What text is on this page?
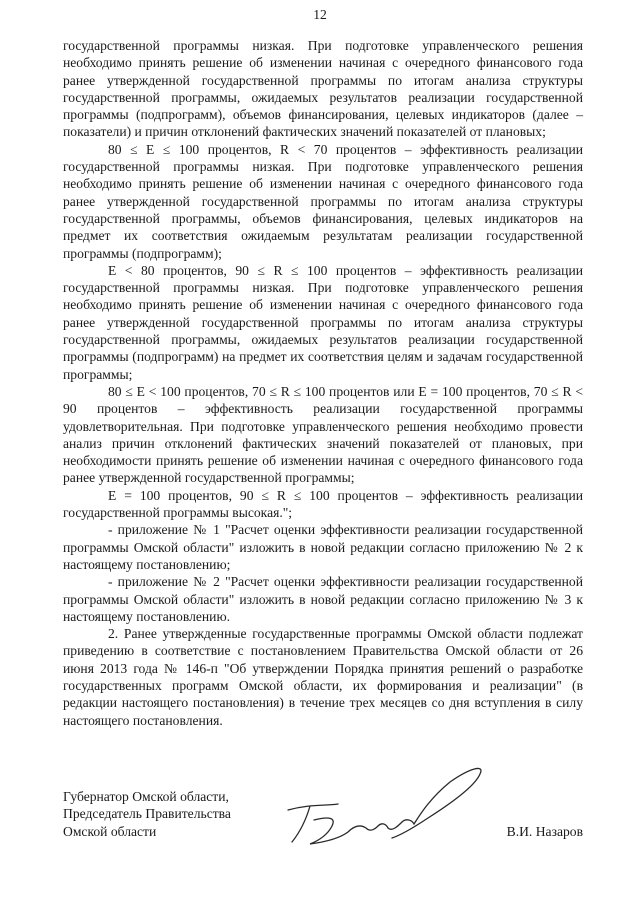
12

государственной программы низкая. При подготовке управленческого решения необходимо принять решение об изменении начиная с очередного финансового года ранее утвержденной государственной программы по итогам анализа структуры государственной программы, ожидаемых результатов реализации государственной программы (подпрограмм), объемов финансирования, целевых индикаторов (далее – показатели) и причин отклонений фактических значений показателей от плановых;

80 ≤ E ≤ 100 процентов, R < 70 процентов – эффективность реализации государственной программы низкая. При подготовке управленческого решения необходимо принять решение об изменении начиная с очередного финансового года ранее утвержденной государственной программы по итогам анализа структуры государственной программы, объемов финансирования, целевых индикаторов на предмет их соответствия ожидаемым результатам реализации государственной программы (подпрограмм);

E < 80 процентов, 90 ≤ R ≤ 100 процентов – эффективность реализации государственной программы низкая. При подготовке управленческого решения необходимо принять решение об изменении начиная с очередного финансового года ранее утвержденной государственной программы по итогам анализа структуры государственной программы, ожидаемых результатов реализации государственной программы (подпрограмм) на предмет их соответствия целям и задачам государственной программы;

80 ≤ E < 100 процентов, 70 ≤ R ≤ 100 процентов или E = 100 процентов, 70 ≤ R < 90 процентов – эффективность реализации государственной программы удовлетворительная. При подготовке управленческого решения необходимо провести анализ причин отклонений фактических значений показателей от плановых, при необходимости принять решение об изменении начиная с очередного финансового года ранее утвержденной государственной программы;

E = 100 процентов, 90 ≤ R ≤ 100 процентов – эффективность реализации государственной программы высокая.";

- приложение № 1 "Расчет оценки эффективности реализации государственной программы Омской области" изложить в новой редакции согласно приложению № 2 к настоящему постановлению;

- приложение № 2 "Расчет оценки эффективности реализации государственной программы Омской области" изложить в новой редакции согласно приложению № 3 к настоящему постановлению.

2. Ранее утвержденные государственные программы Омской области подлежат приведению в соответствие с постановлением Правительства Омской области от 26 июня 2013 года № 146-п "Об утверждении Порядка принятия решений о разработке государственных программ Омской области, их формирования и реализации" (в редакции настоящего постановления) в течение трех месяцев со дня вступления в силу настоящего постановления.

Губернатор Омской области,
Председатель Правительства
Омской области	В.И. Назаров
